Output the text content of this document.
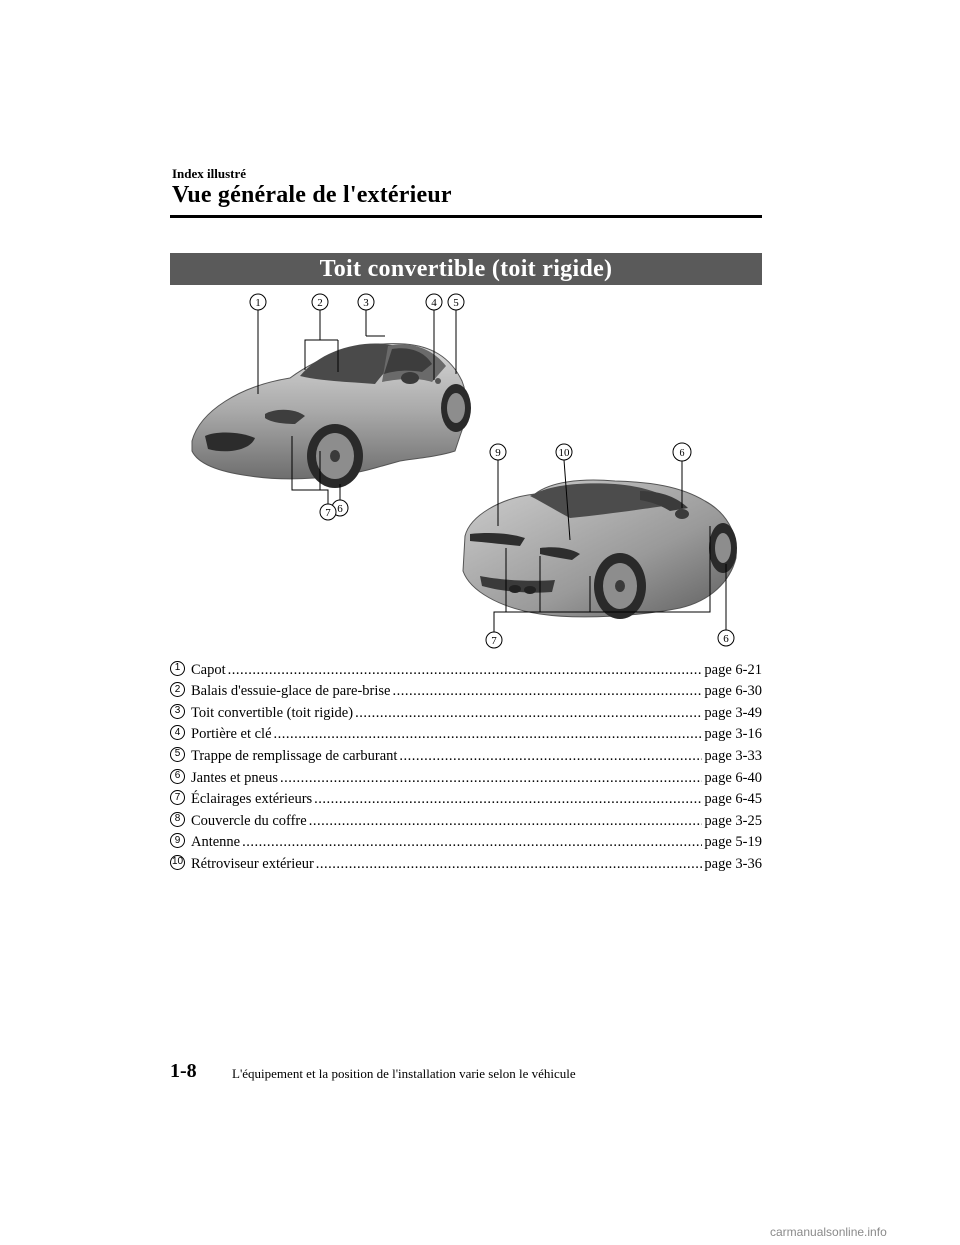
Index illustré
Vue générale de l'extérieur
Toit convertible (toit rigide)
1	2	3	4 5
6
7
9	10	6
7	6
1 Capot .....	page 6-21
2 Balais d'essuie-glace de pare-brise .....	page 6-30
3 Toit convertible (toit rigide) .....	page 3-49
4 Portière et clé .....	page 3-16
5 Trappe de remplissage de carburant .....	page 3-33
6 Jantes et pneus .....	page 6-40
7 Éclairages extérieurs .....	page 6-45
8 Couvercle du coffre .....	page 3-25
9 Antenne .....	page 5-19
10 Rétroviseur extérieur .....	page 3-36
1-8	L'équipement et la position de l'installation varie selon le véhicule
carmanualsonline.info
